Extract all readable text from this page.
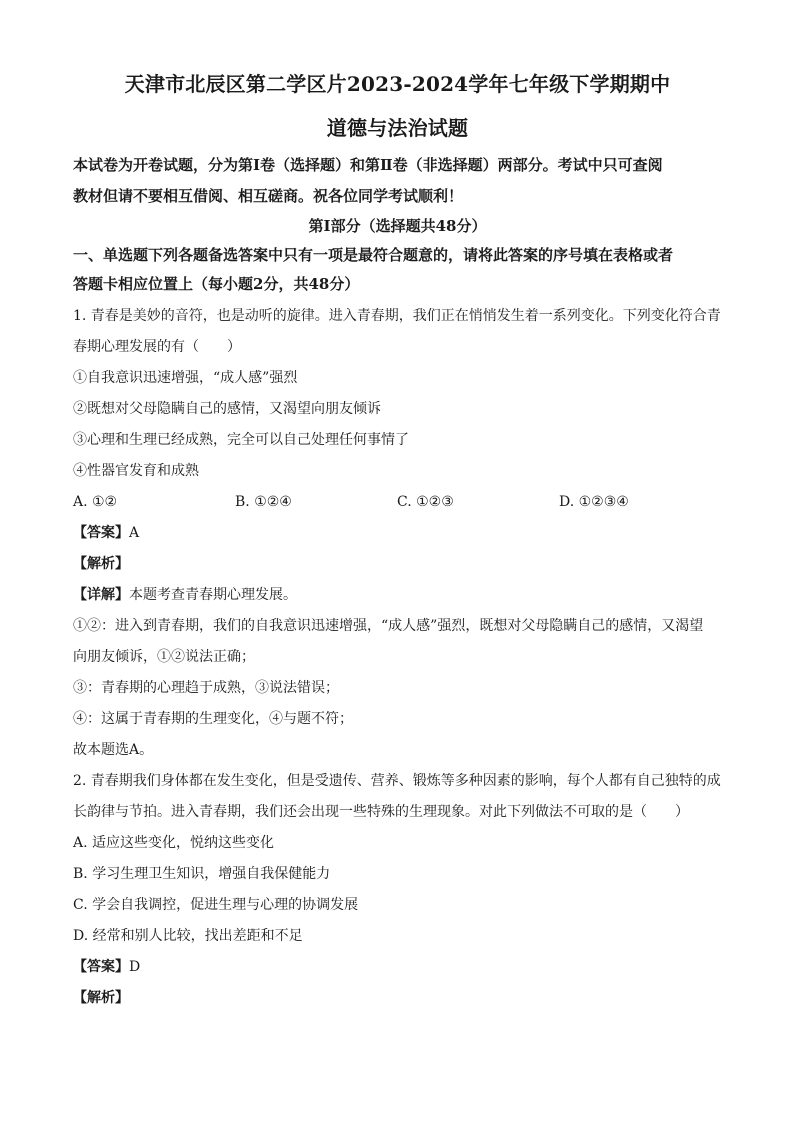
天津市北辰区第二学区片2023-2024学年七年级下学期期中
道德与法治试题
本试卷为开卷试题，分为第Ⅰ卷（选择题）和第Ⅱ卷（非选择题）两部分。考试中只可查阅
教材但请不要相互借阅、相互磋商。祝各位同学考试顺利！
第Ⅰ部分（选择题共48分）
一、单选题下列各题备选答案中只有一项是最符合题意的，请将此答案的序号填在表格或者
答题卡相应位置上（每小题2分，共48分）
1. 青春是美妙的音符，也是动听的旋律。进入青春期，我们正在悄悄发生着一系列变化。下列变化符合青
春期心理发展的有（　　）
①自我意识迅速增强，“成人感”强烈
②既想对父母隐瞒自己的感情，又渴望向朋友倾诉
③心理和生理已经成熟，完全可以自己处理任何事情了
④性器官发育和成熟
A. ①②	B. ①②④	C. ①②③	D. ①②③④
【答案】A
【解析】
【详解】本题考查青春期心理发展。
①②：进入到青春期，我们的自我意识迅速增强，“成人感”强烈，既想对父母隐瞒自己的感情，又渴望
向朋友倾诉，①②说法正确；
③：青春期的心理趋于成熟，③说法错误；
④：这属于青春期的生理变化，④与题不符；
故本题选A。
2. 青春期我们身体都在发生变化，但是受遗传、营养、锻炼等多种因素的影响，每个人都有自己独特的成
长韵律与节拍。进入青春期，我们还会出现一些特殊的生理现象。对此下列做法不可取的是（　　）
A. 适应这些变化，悦纳这些变化
B. 学习生理卫生知识，增强自我保健能力
C. 学会自我调控，促进生理与心理的协调发展
D. 经常和别人比较，找出差距和不足
【答案】D
【解析】
